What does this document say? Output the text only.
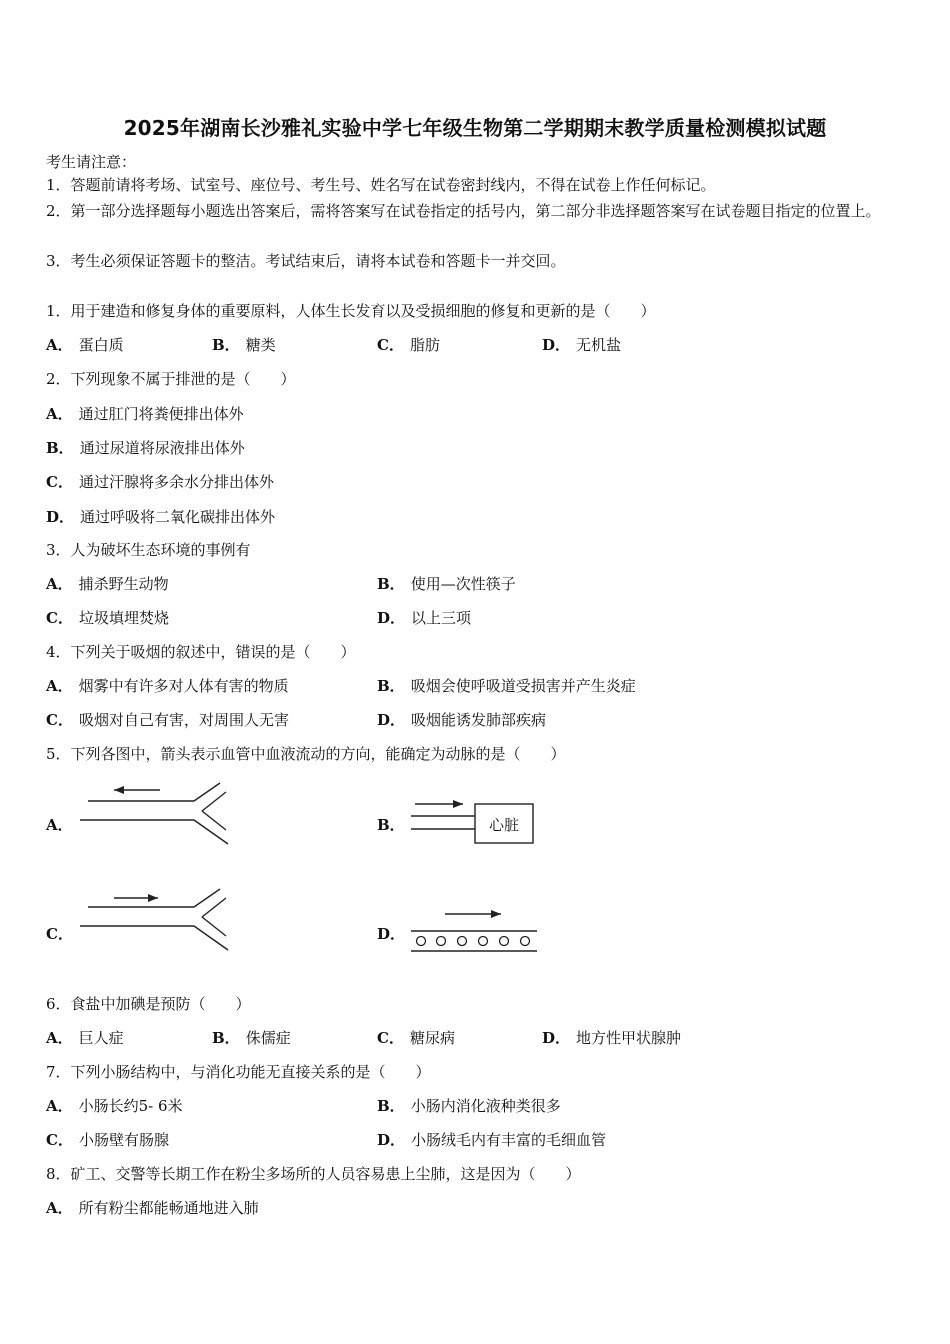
2025年湖南长沙雅礼实验中学七年级生物第二学期期末教学质量检测模拟试题
考生请注意：
1．答题前请将考场、试室号、座位号、考生号、姓名写在试卷密封线内，不得在试卷上作任何标记。
2．第一部分选择题每小题选出答案后，需将答案写在试卷指定的括号内，第二部分非选择题答案写在试卷题目指定的位置上。
3．考生必须保证答题卡的整洁。考试结束后，请将本试卷和答题卡一并交回。
1．用于建造和修复身体的重要原料，人体生长发育以及受损细胞的修复和更新的是（　　）
A． 蛋白质	B． 糖类	C． 脂肪	D． 无机盐
2．下列现象不属于排泄的是（　　）
A． 通过肛门将粪便排出体外
B． 通过尿道将尿液排出体外
C． 通过汗腺将多余水分排出体外
D． 通过呼吸将二氧化碳排出体外
3．人为破坏生态环境的事例有
A． 捕杀野生动物	B． 使用—次性筷子
C． 垃圾填埋焚烧	D． 以上三项
4．下列关于吸烟的叙述中，错误的是（　　）
A． 烟雾中有许多对人体有害的物质	B． 吸烟会使呼吸道受损害并产生炎症
C． 吸烟对自己有害，对周围人无害	D． 吸烟能诱发肺部疾病
5．下列各图中，箭头表示血管中血液流动的方向，能确定为动脉的是（　　）
A．	B．	心脏
C．	D．
6．食盐中加碘是预防（　　）
A． 巨人症	B． 侏儒症	C． 糖尿病	D． 地方性甲状腺肿
7．下列小肠结构中，与消化功能无直接关系的是（　　）
A． 小肠长约5- 6米	B． 小肠内消化液种类很多
C． 小肠壁有肠腺	D． 小肠绒毛内有丰富的毛细血管
8．矿工、交警等长期工作在粉尘多场所的人员容易患上尘肺，这是因为（　　）
A． 所有粉尘都能畅通地进入肺
